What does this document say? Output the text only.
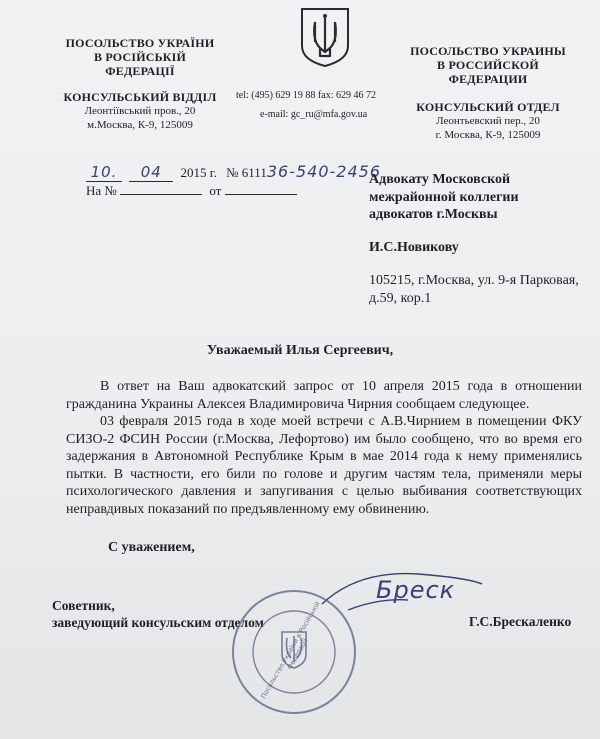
ПОСОЛЬСТВО УКРАЇНИ
В РОСІЙСЬКІЙ
ФЕДЕРАЦІЇ
КОНСУЛЬСЬКИЙ ВІДДІЛ
Леонтіївський пров., 20
м.Москва, К-9, 125009
tel: (495) 629 19 88 fax: 629 46 72
e-mail: gc_ru@mfa.gov.ua
ПОСОЛЬСТВО УКРАИНЫ
В РОССИЙСКОЙ
ФЕДЕРАЦИИ
КОНСУЛЬСКИЙ ОТДЕЛ
Леонтьевский пер., 20
г. Москва, К-9, 125009
10. 04 2015 г. № 611136-540-2456
На №	от
Адвокату Московской
межрайонной коллегии
адвокатов г.Москвы
И.С.Новикову
105215, г.Москва, ул. 9-я Парковая,
д.59, кор.1
Уважаемый Илья Сергеевич,

В ответ на Ваш адвокатский запрос от 10 апреля 2015 года в отношении гражданина Украины Алексея Владимировича Чирния сообщаем следующее.

03 февраля 2015 года в ходе моей встречи с А.В.Чирнием в помещении ФКУ СИЗО-2 ФСИН России (г.Москва, Лефортово) им было сообщено, что во время его задержания в Автономной Республике Крым в мае 2014 года к нему применялись пытки. В частности, его били по голове и другим частям тела, применяли меры психологического давления и запугивания с целью выбивания соответствующих неправдивых показаний по предъявленному ему обвинению.

С уважением,
Советник,
заведующий консульским отделом
Бреск
Г.С.Брескаленко
Посольство України в Російській Федерації
